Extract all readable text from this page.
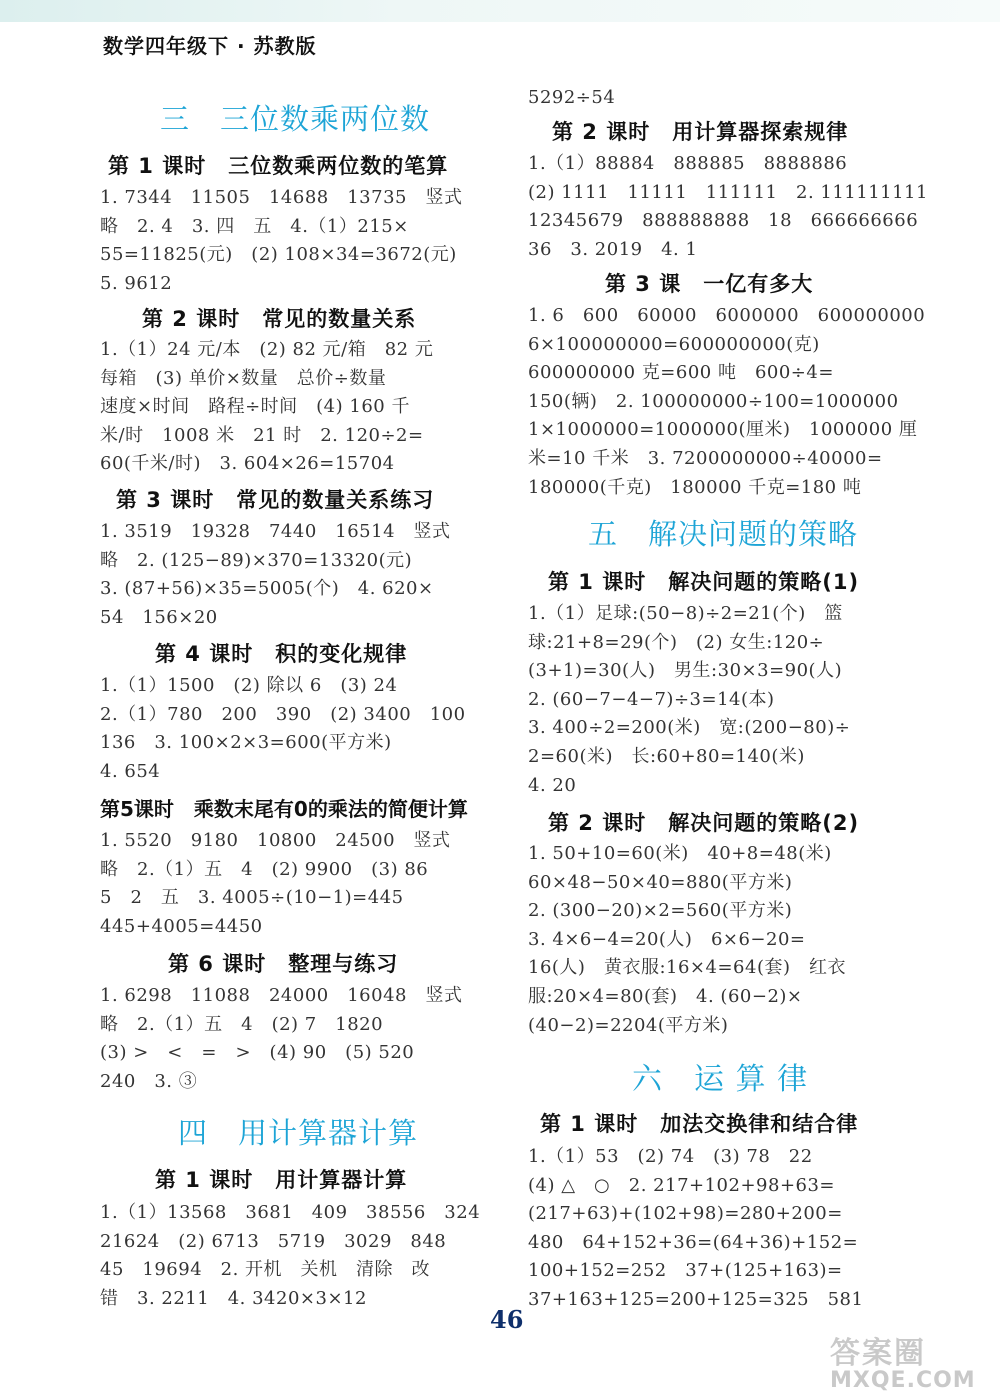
数学四年级下 · 苏教版
三　三位数乘两位数
第 1 课时　三位数乘两位数的笔算
1. 7344　11505　14688　13735　竖式
略　2. 4　3. 四　五　4.（1）215×
55=11825(元)　(2) 108×34=3672(元)
5. 9612
第 2 课时　常见的数量关系
1.（1）24 元/本　(2) 82 元/箱　82 元
每箱　(3) 单价×数量　总价÷数量
速度×时间　路程÷时间　(4) 160 千
米/时　1008 米　21 时　2. 120÷2=
60(千米/时)　3. 604×26=15704
第 3 课时　常见的数量关系练习
1. 3519　19328　7440　16514　竖式
略　2. (125−89)×370=13320(元)
3. (87+56)×35=5005(个)　4. 620×
54　156×20
第 4 课时　积的变化规律
1.（1）1500　(2) 除以 6　(3) 24
2.（1）780　200　390　(2) 3400　100
136　3. 100×2×3=600(平方米)
4. 654
第5课时　乘数末尾有0的乘法的简便计算
1. 5520　9180　10800　24500　竖式
略　2.（1）五　4　(2) 9900　(3) 86
5　2　五　3. 4005÷(10−1)=445
445+4005=4450
第 6 课时　整理与练习
1. 6298　11088　24000　16048　竖式
略　2.（1）五　4　(2) 7　1820
(3) >　<　=　>　(4) 90　(5) 520
240　3. ③
四　用计算器计算
第 1 课时　用计算器计算
1.（1）13568　3681　409　38556　324
21624　(2) 6713　5719　3029　848
45　19694　2. 开机　关机　清除　改
错　3. 2211　4. 3420×3×12
5292÷54
第 2 课时　用计算器探索规律
1.（1）88884　888885　8888886
(2) 1111　11111　111111　2. 111111111
12345679　888888888　18　666666666
36　3. 2019　4. 1
第 3 课　一亿有多大
1. 6　600　60000　6000000　600000000
6×100000000=600000000(克)
600000000 克=600 吨　600÷4=
150(辆)　2. 100000000÷100=1000000
1×1000000=1000000(厘米)　1000000 厘
米=10 千米　3. 7200000000÷40000=
180000(千克)　180000 千克=180 吨
五　解决问题的策略
第 1 课时　解决问题的策略(1)
1.（1）足球:(50−8)÷2=21(个)　篮
球:21+8=29(个)　(2) 女生:120÷
(3+1)=30(人)　男生:30×3=90(人)
2. (60−7−4−7)÷3=14(本)
3. 400÷2=200(米)　宽:(200−80)÷
2=60(米)　长:60+80=140(米)
4. 20
第 2 课时　解决问题的策略(2)
1. 50+10=60(米)　40+8=48(米)
60×48−50×40=880(平方米)
2. (300−20)×2=560(平方米)
3. 4×6−4=20(人)　6×6−20=
16(人)　黄衣服:16×4=64(套)　红衣
服:20×4=80(套)　4. (60−2)×
(40−2)=2204(平方米)
六　运 算 律
第 1 课时　加法交换律和结合律
1.（1）53　(2) 74　(3) 78　22
(4) △　○　2. 217+102+98+63=
(217+63)+(102+98)=280+200=
480　64+152+36=(64+36)+152=
100+152=252　37+(125+163)=
37+163+125=200+125=325　581
46
答案圈
MXQE.COM
